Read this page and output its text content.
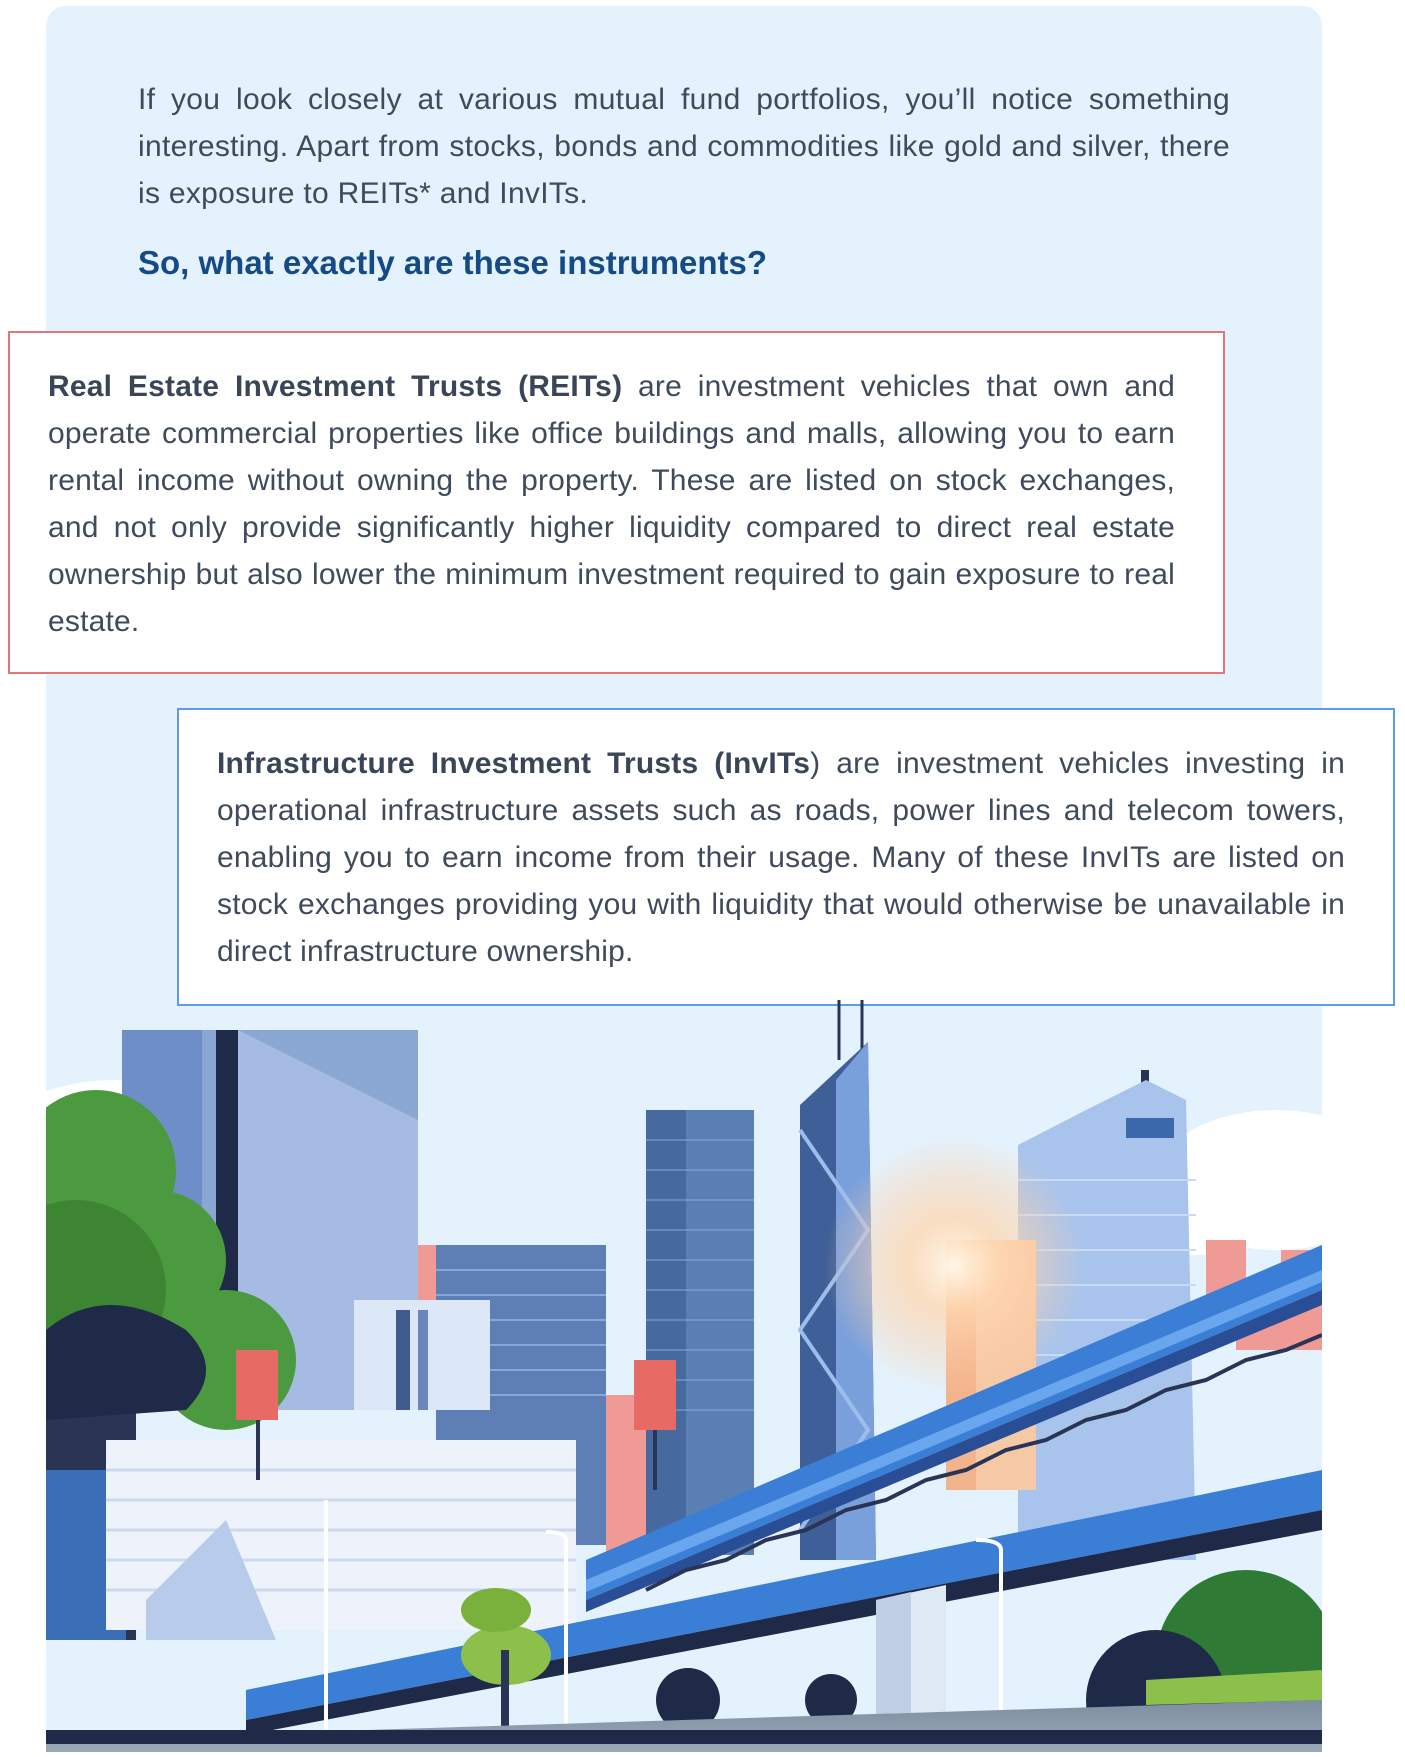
If you look closely at various mutual fund portfolios, you’ll notice something interesting. Apart from stocks, bonds and commodities like gold and silver, there is exposure to REITs* and InvITs.

So, what exactly are these instruments?

Real Estate Investment Trusts (REITs) are investment vehicles that own and operate commercial properties like office buildings and malls, allowing you to earn rental income without owning the property. These are listed on stock exchanges, and not only provide significantly higher liquidity compared to direct real estate ownership but also lower the minimum investment required to gain exposure to real estate.

Infrastructure Investment Trusts (InvITs) are investment vehicles investing in operational infrastructure assets such as roads, power lines and telecom towers, enabling you to earn income from their usage. Many of these InvITs are listed on stock exchanges providing you with liquidity that would otherwise be unavailable in direct infrastructure ownership.
